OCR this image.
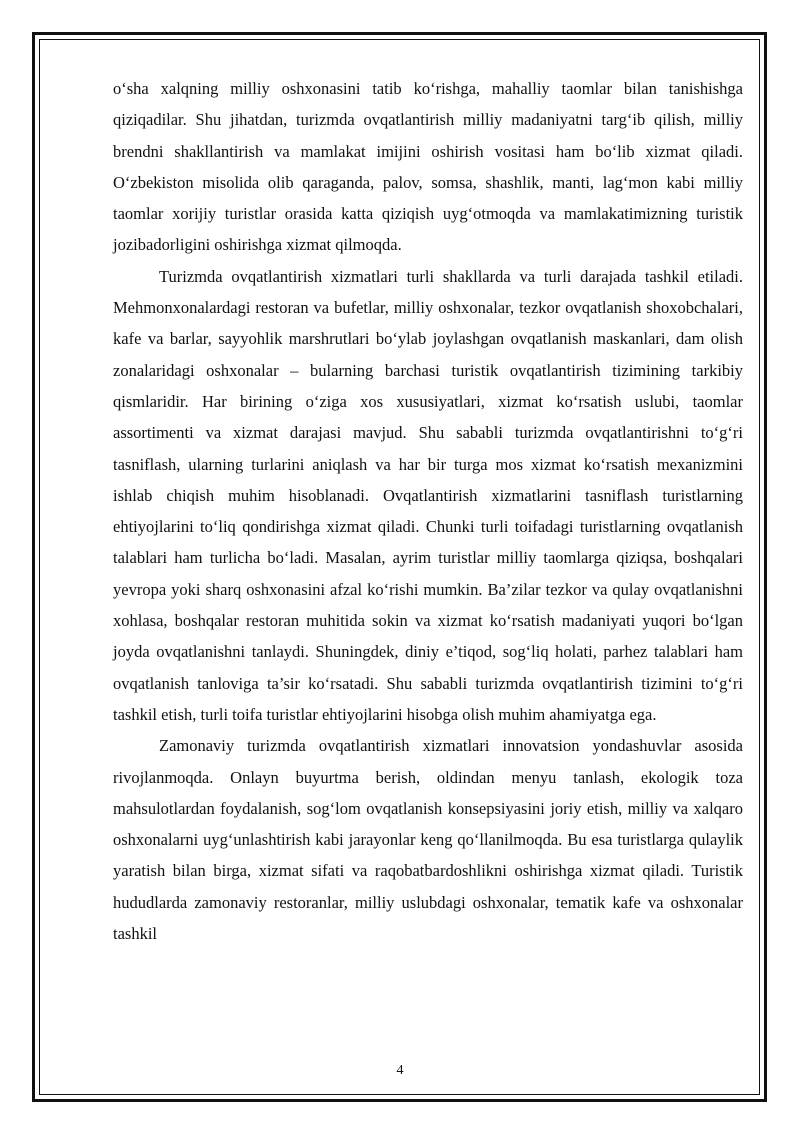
o‘sha xalqning milliy oshxonasini tatib ko‘rishga, mahalliy taomlar bilan tanishishga qiziqadilar. Shu jihatdan, turizmda ovqatlantirish milliy madaniyatni targ‘ib qilish, milliy brendni shakllantirish va mamlakat imijini oshirish vositasi ham bo‘lib xizmat qiladi. O‘zbekiston misolida olib qaraganda, palov, somsa, shashlik, manti, lag‘mon kabi milliy taomlar xorijiy turistlar orasida katta qiziqish uyg‘otmoqda va mamlakatimizning turistik jozibadorligini oshirishga xizmat qilmoqda.

Turizmda ovqatlantirish xizmatlari turli shakllarda va turli darajada tashkil etiladi. Mehmonxonalardagi restoran va bufetlar, milliy oshxonalar, tezkor ovqatlanish shoxobchalari, kafe va barlar, sayyohlik marshrutlari bo‘ylab joylashgan ovqatlanish maskanlari, dam olish zonalaridagi oshxonalar – bularning barchasi turistik ovqatlantirish tizimining tarkibiy qismlaridir. Har birining o‘ziga xos xususiyatlari, xizmat ko‘rsatish uslubi, taomlar assortimenti va xizmat darajasi mavjud. Shu sababli turizmda ovqatlantirishni to‘g‘ri tasniflash, ularning turlarini aniqlash va har bir turga mos xizmat ko‘rsatish mexanizmini ishlab chiqish muhim hisoblanadi. Ovqatlantirish xizmatlarini tasniflash turistlarning ehtiyojlarini to‘liq qondirishga xizmat qiladi. Chunki turli toifadagi turistlarning ovqatlanish talablari ham turlicha bo‘ladi. Masalan, ayrim turistlar milliy taomlarga qiziqsa, boshqalari yevropa yoki sharq oshxonasini afzal ko‘rishi mumkin. Ba’zilar tezkor va qulay ovqatlanishni xohlasa, boshqalar restoran muhitida sokin va xizmat ko‘rsatish madaniyati yuqori bo‘lgan joyda ovqatlanishni tanlaydi. Shuningdek, diniy e’tiqod, sog‘liq holati, parhez talablari ham ovqatlanish tanloviga ta’sir ko‘rsatadi. Shu sababli turizmda ovqatlantirish tizimini to‘g‘ri tashkil etish, turli toifa turistlar ehtiyojlarini hisobga olish muhim ahamiyatga ega.

Zamonaviy turizmda ovqatlantirish xizmatlari innovatsion yondashuvlar asosida rivojlanmoqda. Onlayn buyurtma berish, oldindan menyu tanlash, ekologik toza mahsulotlardan foydalanish, sog‘lom ovqatlanish konsepsiyasini joriy etish, milliy va xalqaro oshxonalarni uyg‘unlashtirish kabi jarayonlar keng qo‘llanilmoqda. Bu esa turistlarga qulaylik yaratish bilan birga, xizmat sifati va raqobatbardoshlikni oshirishga xizmat qiladi. Turistik hududlarda zamonaviy restoranlar, milliy uslubdagi oshxonalar, tematik kafe va oshxonalar tashkil

4
